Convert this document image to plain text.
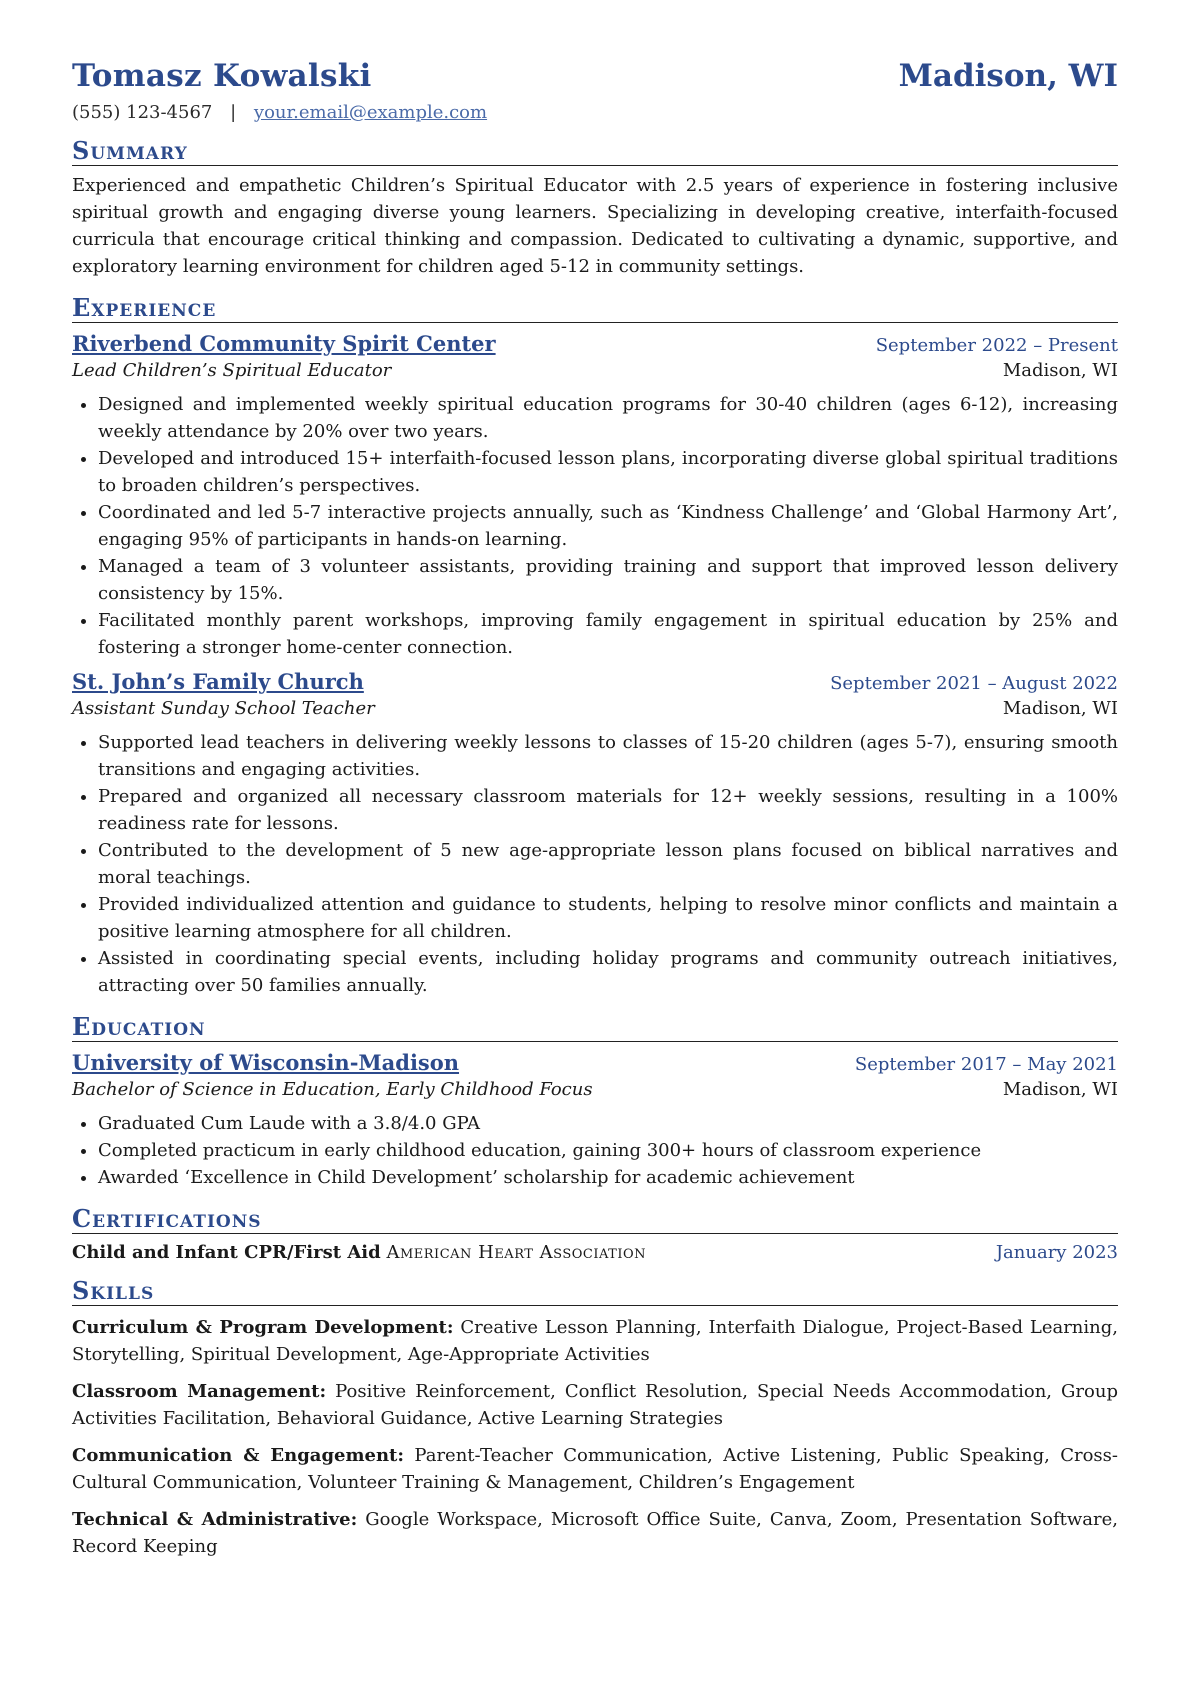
Tomasz Kowalski	Madison, WI
(555) 123-4567 | your.email@example.com
Summary
Experienced and empathetic Children’s Spiritual Educator with 2.5 years of experience in fostering inclusive spiritual growth and engaging diverse young learners. Specializing in developing creative, interfaith-focused curricula that encourage critical thinking and compassion. Dedicated to cultivating a dynamic, supportive, and exploratory learning environment for children aged 5-12 in community settings.
Experience
Riverbend Community Spirit Center	September 2022 – Present
Lead Children’s Spiritual Educator	Madison, WI
• Designed and implemented weekly spiritual education programs for 30-40 children (ages 6-12), increasing weekly attendance by 20% over two years.
• Developed and introduced 15+ interfaith-focused lesson plans, incorporating diverse global spiritual traditions to broaden children’s perspectives.
• Coordinated and led 5-7 interactive projects annually, such as ‘Kindness Challenge’ and ‘Global Harmony Art’, engaging 95% of participants in hands-on learning.
• Managed a team of 3 volunteer assistants, providing training and support that improved lesson delivery consistency by 15%.
• Facilitated monthly parent workshops, improving family engagement in spiritual education by 25% and fostering a stronger home-center connection.
St. John’s Family Church	September 2021 – August 2022
Assistant Sunday School Teacher	Madison, WI
• Supported lead teachers in delivering weekly lessons to classes of 15-20 children (ages 5-7), ensuring smooth transitions and engaging activities.
• Prepared and organized all necessary classroom materials for 12+ weekly sessions, resulting in a 100% readiness rate for lessons.
• Contributed to the development of 5 new age-appropriate lesson plans focused on biblical narratives and moral teachings.
• Provided individualized attention and guidance to students, helping to resolve minor conflicts and maintain a positive learning atmosphere for all children.
• Assisted in coordinating special events, including holiday programs and community outreach initiatives, attracting over 50 families annually.
Education
University of Wisconsin-Madison	September 2017 – May 2021
Bachelor of Science in Education, Early Childhood Focus	Madison, WI
• Graduated Cum Laude with a 3.8/4.0 GPA
• Completed practicum in early childhood education, gaining 300+ hours of classroom experience
• Awarded ‘Excellence in Child Development’ scholarship for academic achievement
Certifications
Child and Infant CPR/First Aid American Heart Association	January 2023
Skills
Curriculum & Program Development: Creative Lesson Planning, Interfaith Dialogue, Project-Based Learning, Storytelling, Spiritual Development, Age-Appropriate Activities
Classroom Management: Positive Reinforcement, Conflict Resolution, Special Needs Accommodation, Group Activities Facilitation, Behavioral Guidance, Active Learning Strategies
Communication & Engagement: Parent-Teacher Communication, Active Listening, Public Speaking, Cross-Cultural Communication, Volunteer Training & Management, Children’s Engagement
Technical & Administrative: Google Workspace, Microsoft Office Suite, Canva, Zoom, Presentation Software, Record Keeping
